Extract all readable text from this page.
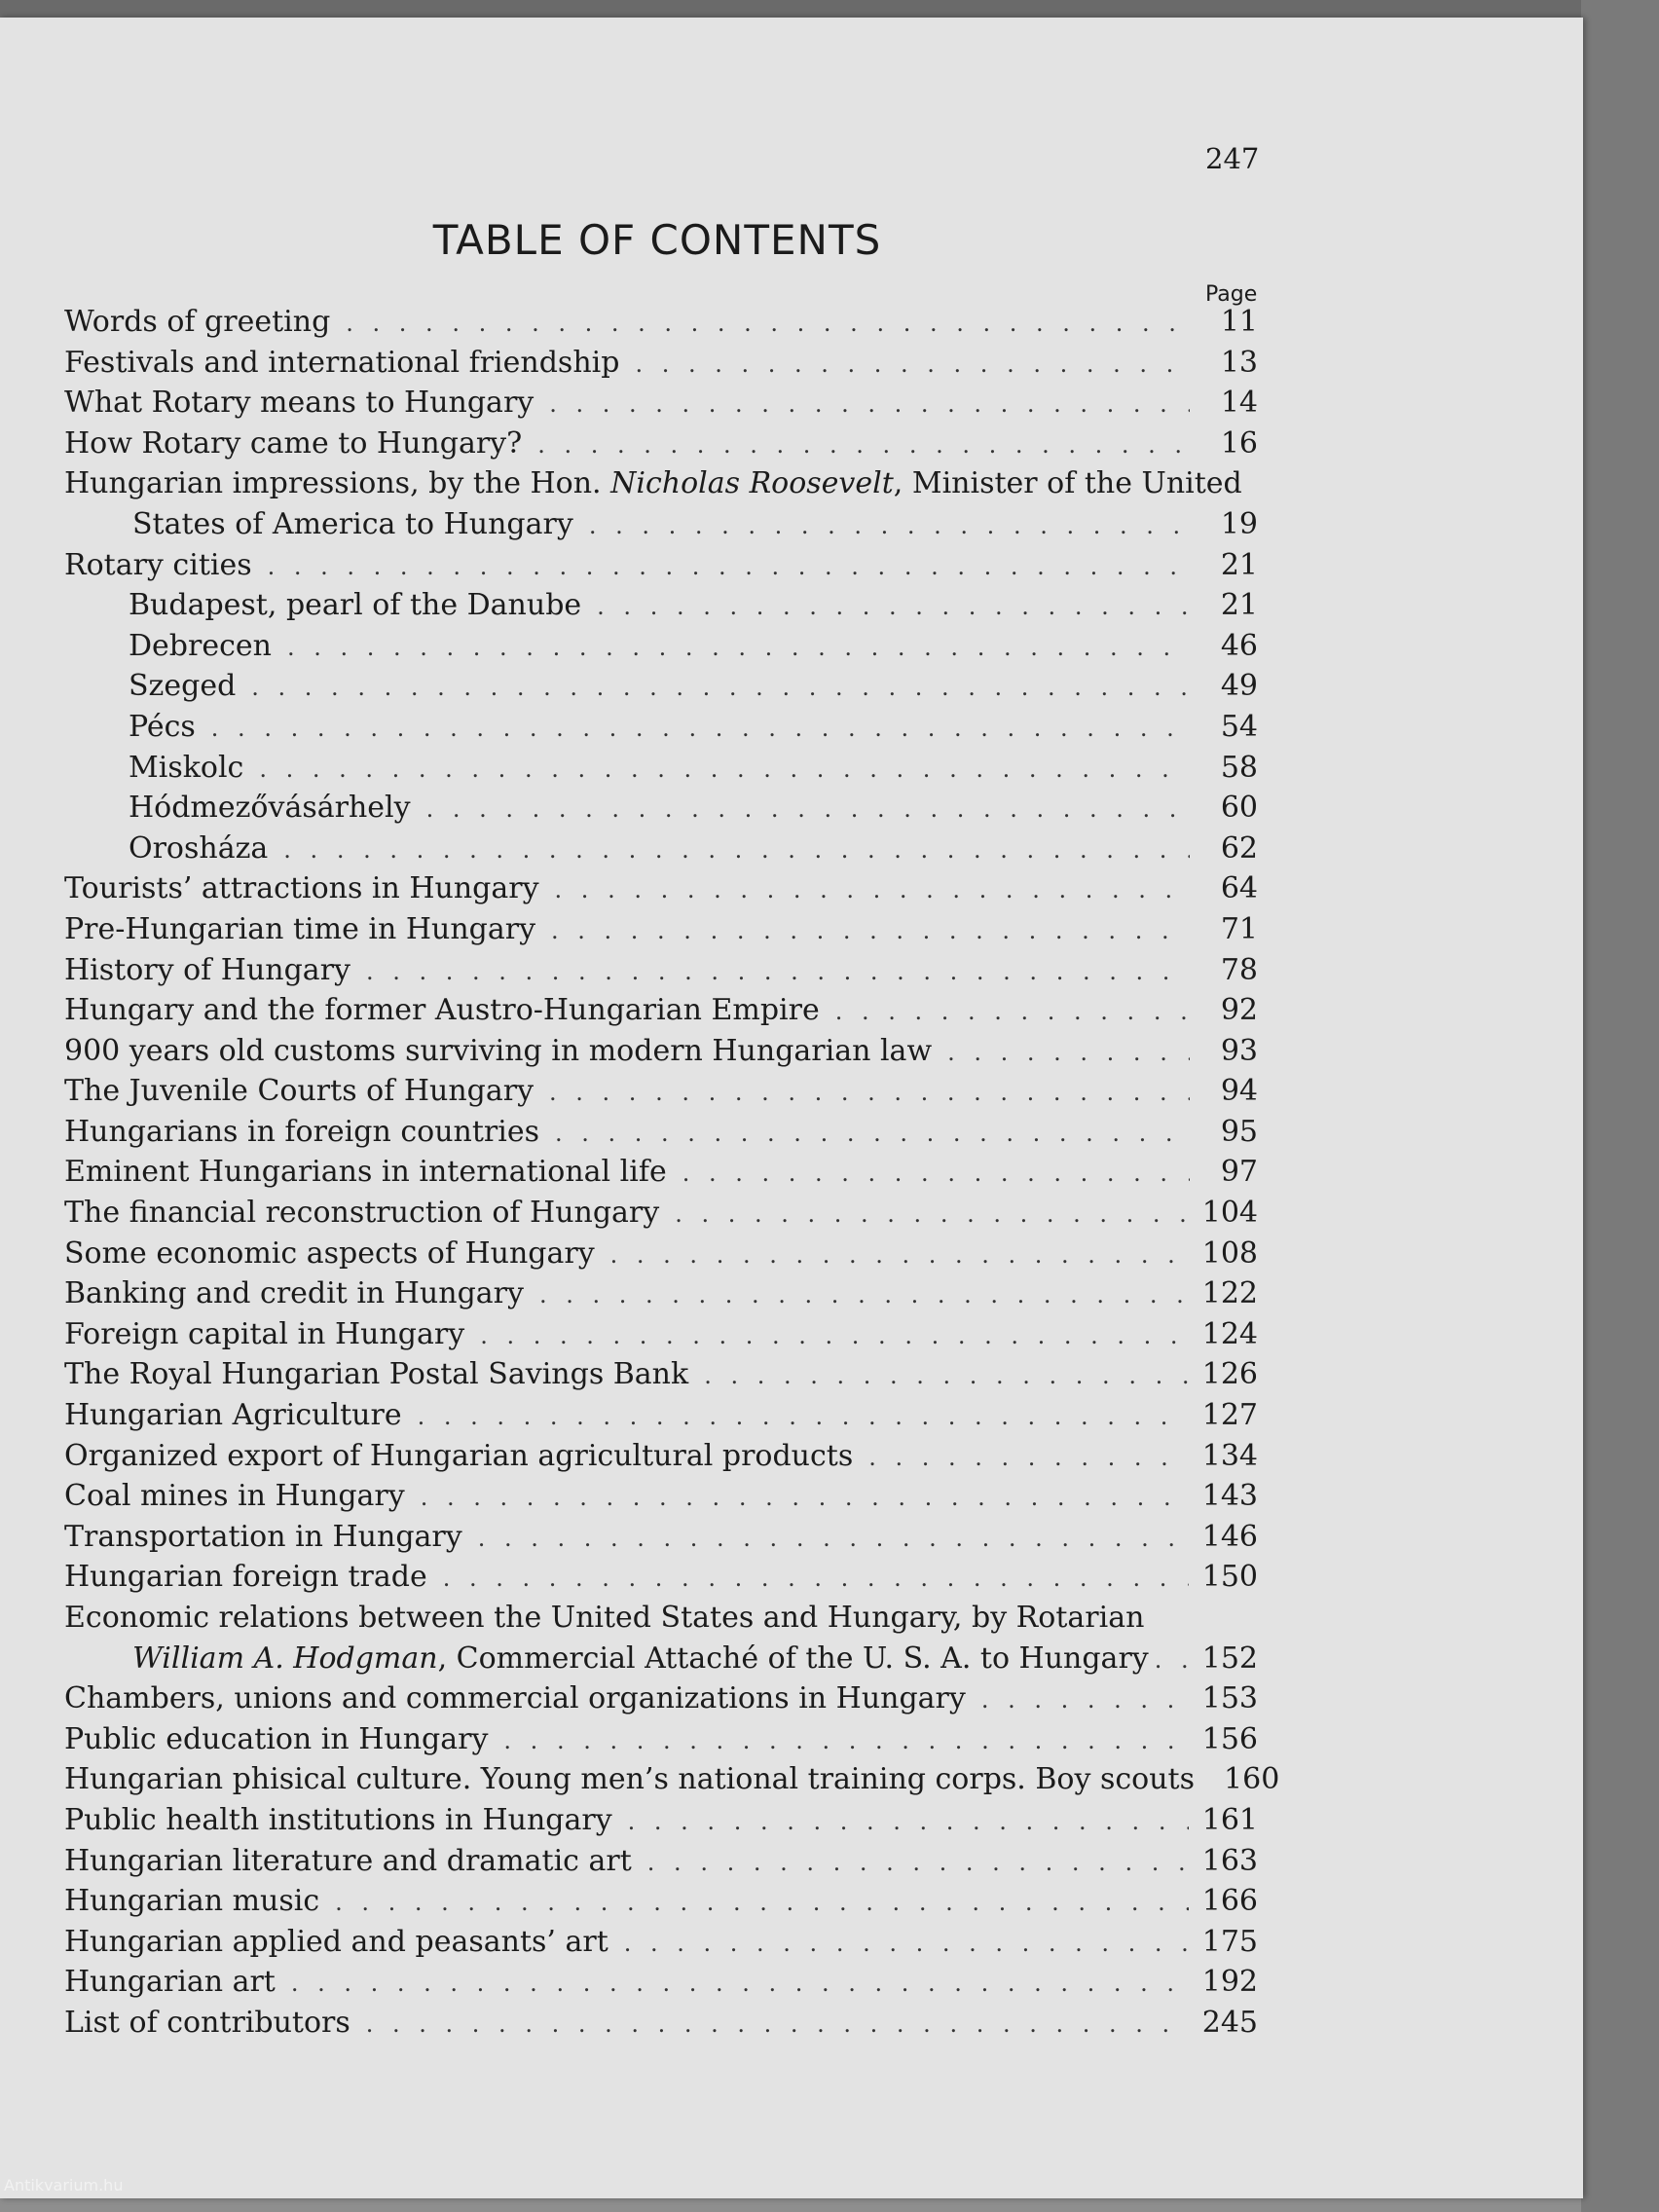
247
TABLE OF CONTENTS
Page
Words of greeting . . .	11
Festivals and international friendship . . .	13
What Rotary means to Hungary . . .	14
How Rotary came to Hungary? . . .	16
Hungarian impressions, by the Hon. Nicholas Roosevelt, Minister of the United
States of America to Hungary . . .	19
Rotary cities . . .	21
Budapest, pearl of the Danube . . .	21
Debrecen . . .	46
Szeged . . .	49
Pécs . . .	54
Miskolc . . .	58
Hódmezővásárhely . . .	60
Orosháza . . .	62
Tourists’ attractions in Hungary . . .	64
Pre-Hungarian time in Hungary . . .	71
History of Hungary . . .	78
Hungary and the former Austro-Hungarian Empire . . .	92
900 years old customs surviving in modern Hungarian law . . .	93
The Juvenile Courts of Hungary . . .	94
Hungarians in foreign countries . . .	95
Eminent Hungarians in international life . . .	97
The financial reconstruction of Hungary . . .	104
Some economic aspects of Hungary . . .	108
Banking and credit in Hungary . . .	122
Foreign capital in Hungary . . .	124
The Royal Hungarian Postal Savings Bank . . .	126
Hungarian Agriculture . . .	127
Organized export of Hungarian agricultural products . . .	134
Coal mines in Hungary . . .	143
Transportation in Hungary . . .	146
Hungarian foreign trade . . .	150
Economic relations between the United States and Hungary, by Rotarian
William A. Hodgman, Commercial Attaché of the U. S. A. to Hungary . . . 152
Chambers, unions and commercial organizations in Hungary . . .	153
Public education in Hungary . . .	156
Hungarian phisical culture. Young men’s national training corps. Boy scouts 160
Public health institutions in Hungary . . .	161
Hungarian literature and dramatic art . . .	163
Hungarian music . . .	166
Hungarian applied and peasants’ art . . .	175
Hungarian art . . .	192
List of contributors . . .	245
Antikvarium.hu
